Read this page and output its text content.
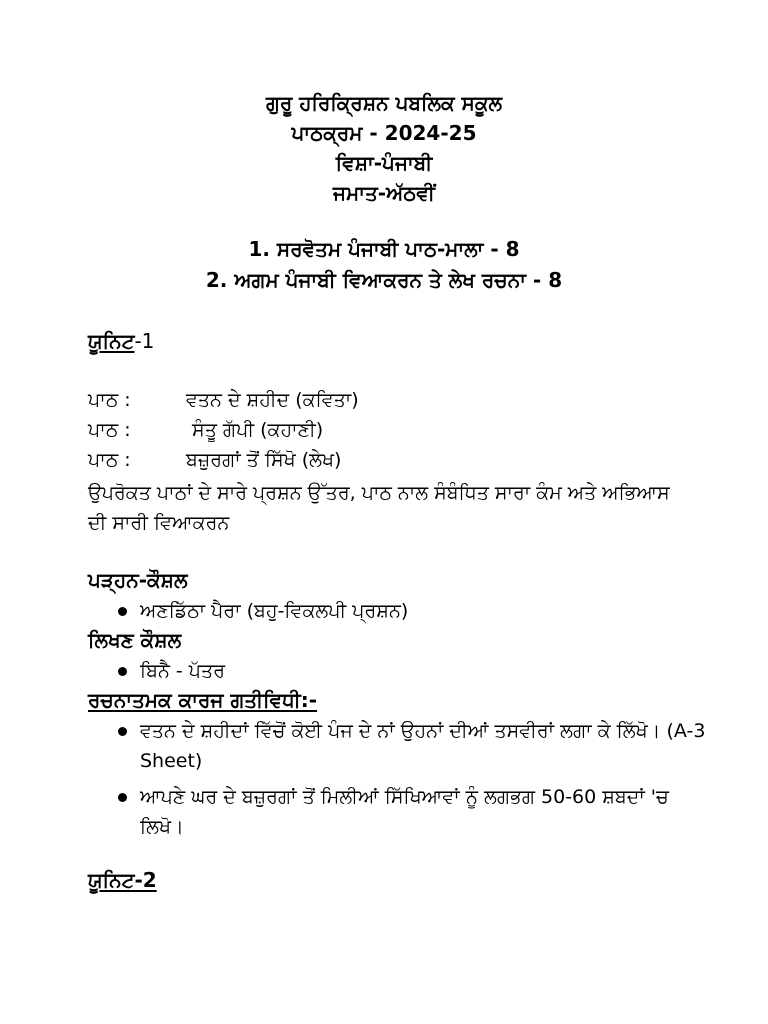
ਗੁਰੂ ਹਰਿਕ੍ਰਿਸ਼ਨ ਪਬਲਿਕ ਸਕੂਲ
ਪਾਠਕ੍ਰਮ - 2024-25
ਵਿਸ਼ਾ-ਪੰਜਾਬੀ
ਜਮਾਤ-ਅੱਠਵੀਂ
1. ਸਰਵੋਤਮ ਪੰਜਾਬੀ ਪਾਠ-ਮਾਲਾ - 8
2. ਅਗਮ ਪੰਜਾਬੀ ਵਿਆਕਰਨ ਤੇ ਲੇਖ ਰਚਨਾ - 8
ਯੂਨਿਟ-1
ਪਾਠ :	ਵਤਨ ਦੇ ਸ਼ਹੀਦ (ਕਵਿਤਾ)
ਪਾਠ :	ਸੰਤੂ ਗੱਪੀ (ਕਹਾਣੀ)
ਪਾਠ :	ਬਜ਼ੁਰਗਾਂ ਤੋਂ ਸਿੱਖੋ (ਲੇਖ)
ਉਪਰੋਕਤ ਪਾਠਾਂ ਦੇ ਸਾਰੇ ਪ੍ਰਸ਼ਨ ਉੱਤਰ, ਪਾਠ ਨਾਲ ਸੰਬੰਧਿਤ ਸਾਰਾ ਕੰਮ ਅਤੇ ਅਭਿਆਸ ਦੀ ਸਾਰੀ ਵਿਆਕਰਨ
ਪੜ੍ਹਨ-ਕੌਸ਼ਲ
ਅਣਡਿੱਠਾ ਪੈਰਾ (ਬਹੁ-ਵਿਕਲਪੀ ਪ੍ਰਸ਼ਨ)
ਲਿਖਣ ਕੌਸ਼ਲ
ਬਿਨੈ - ਪੱਤਰ
ਰਚਨਾਤਮਕ ਕਾਰਜ ਗਤੀਵਿਧੀ:-
ਵਤਨ ਦੇ ਸ਼ਹੀਦਾਂ ਵਿੱਚੋਂ ਕੋਈ ਪੰਜ ਦੇ ਨਾਂ ਉਹਨਾਂ ਦੀਆਂ ਤਸਵੀਰਾਂ ਲਗਾ ਕੇ ਲਿੱਖੋ। (A-3 Sheet)
ਆਪਣੇ ਘਰ ਦੇ ਬਜ਼ੁਰਗਾਂ ਤੋਂ ਮਿਲੀਆਂ ਸਿੱਖਿਆਵਾਂ ਨੂੰ ਲਗਭਗ 50-60 ਸ਼ਬਦਾਂ 'ਚ ਲਿਖੋ।
ਯੂਨਿਟ-2
